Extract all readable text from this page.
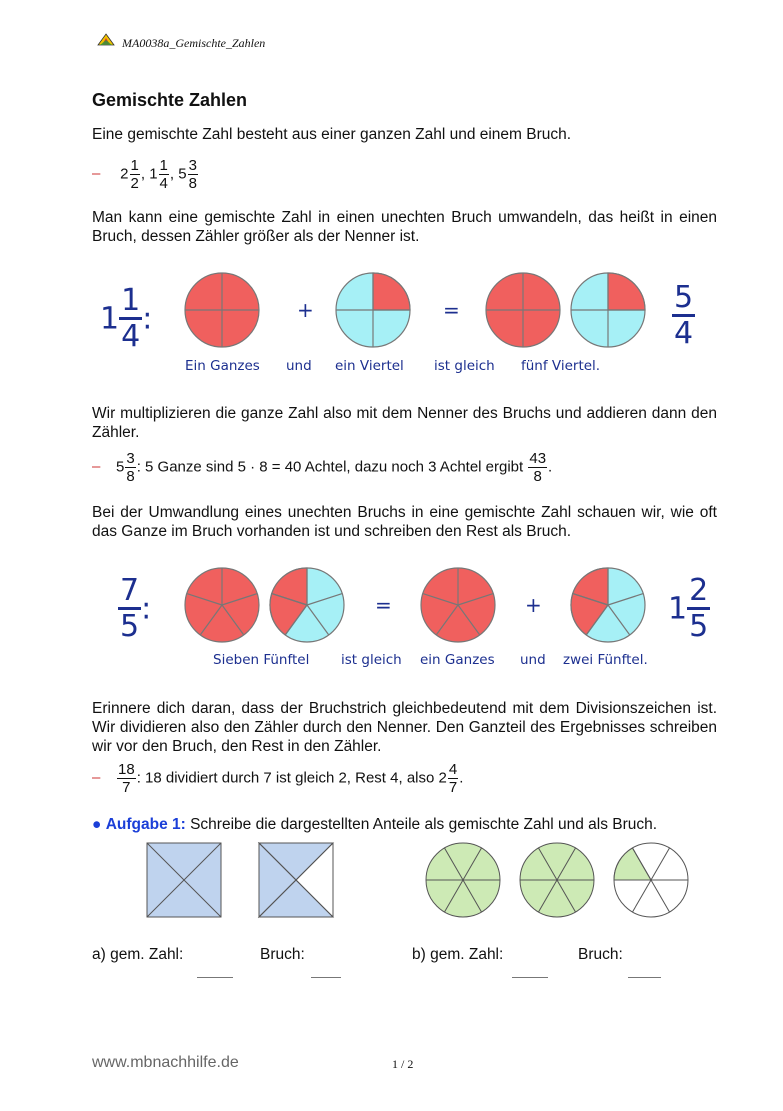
MA0038a_Gemischte_Zahlen
Gemischte Zahlen
Eine gemischte Zahl besteht aus einer ganzen Zahl und einem Bruch.
– $2 \frac{1}{2}$ , $1 \frac{1}{4}$ , $5 \frac{3}{8}$
Man kann eine gemischte Zahl in einen unechten Bruch umwandeln, das heißt in einen Bruch, dessen Zähler größer als der Nenner ist.
$1 \frac{1}{4}$ :	+	=	$\frac{5}{4}$
Ein Ganzes und ein Viertel ist gleich fünf Viertel.
Wir multiplizieren die ganze Zahl also mit dem Nenner des Bruchs und addieren dann den Zähler.
– $5 \frac{3}{8}$ : 5 Ganze sind 5 · 8 = 40 Achtel, dazu noch 3 Achtel ergibt $\frac{43}{8}$ .
Bei der Umwandlung eines unechten Bruchs in eine gemischte Zahl schauen wir, wie oft das Ganze im Bruch vorhanden ist und schreiben den Rest als Bruch.
$\frac{7}{5}$ :	=	+	$1 \frac{2}{5}$
Sieben Fünftel ist gleich ein Ganzes und zwei Fünftel.
Erinnere dich daran, dass der Bruchstrich gleichbedeutend mit dem Divisionszeichen ist. Wir dividieren also den Zähler durch den Nenner. Den Ganzteil des Ergebnisses schreiben wir vor den Bruch, den Rest in den Zähler.
– $\frac{18}{7}$ : 18 dividiert durch 7 ist gleich 2, Rest 4, also $2 \frac{4}{7}$ .
● Aufgabe 1: Schreibe die dargestellten Anteile als gemischte Zahl und als Bruch.
a) gem. Zahl:	Bruch:	b) gem. Zahl:	Bruch:
www.mbnachhilfe.de	1 / 2
